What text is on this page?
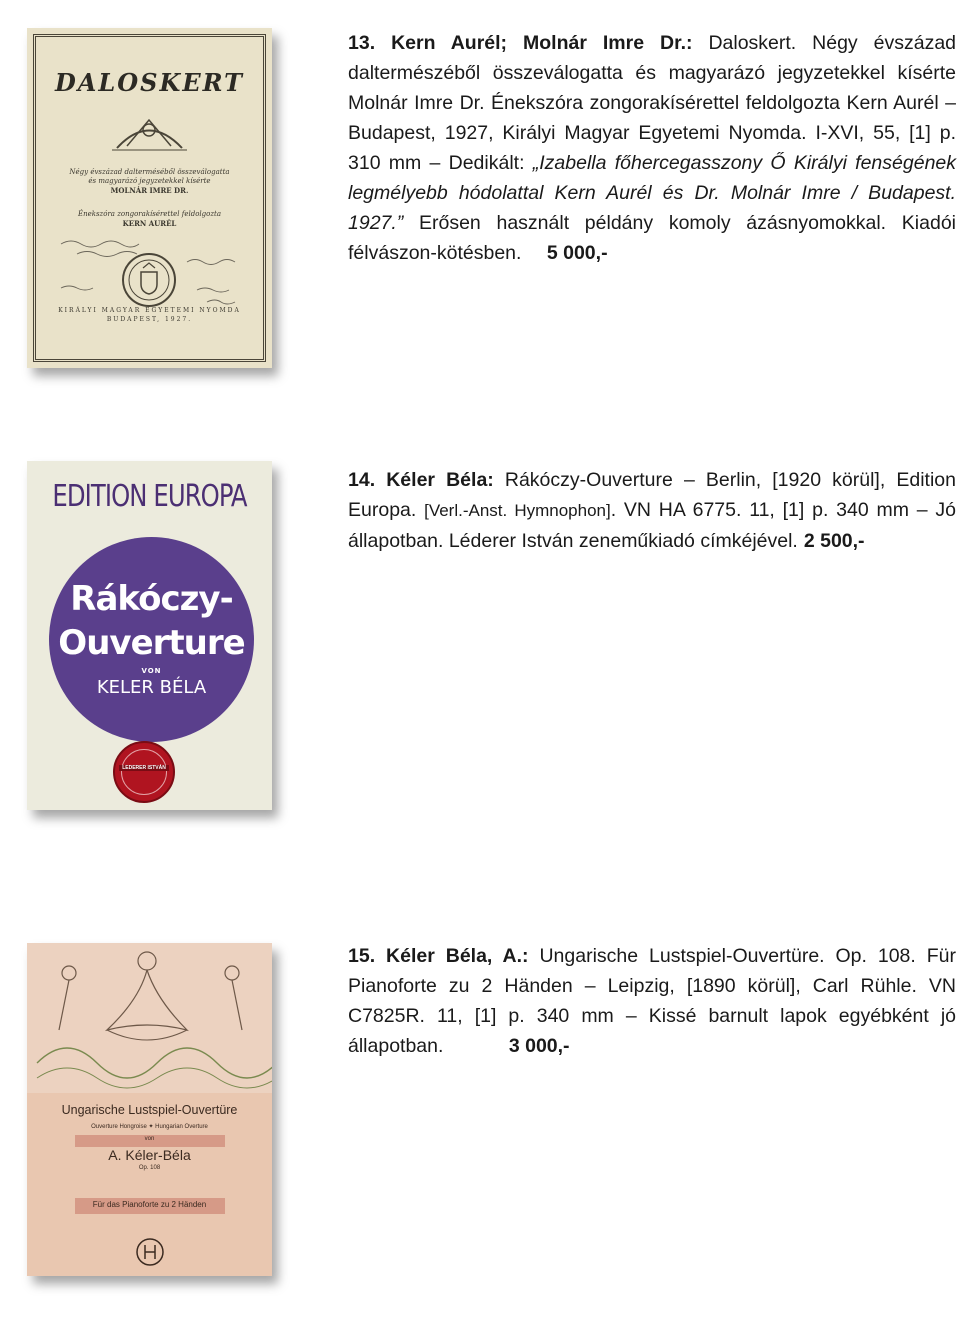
DALOSKERT
Négy évszázad dalterméséből összeválogatta
és magyarázó jegyzetekkel kísérte
MOLNÁR IMRE DR.
Énekszóra zongorakísérettel feldolgozta
KERN AURÉL
KIRÁLYI MAGYAR EGYETEMI NYOMDA
BUDAPEST, 1927.
13. Kern Aurél; Molnár Imre Dr.: Daloskert. Négy évszázad daltermészéből összeválogatta és magyarázó jegyzetekkel kísérte Molnár Imre Dr. Énekszóra zongorakísérettel feldolgozta Kern Aurél – Budapest, 1927, Királyi Magyar Egyetemi Nyomda. I-XVI, 55, [1] p. 310 mm – Dedikált: „Izabella főhercegasszony Ő Királyi fenségének legmélyebb hódolattal Kern Aurél és Dr. Molnár Imre / Budapest. 1927.” Erősen használt példány komoly ázásnyomokkal. Kiadói félvászon-kötésben. 5 000,-
EDITION EUROPA
Rákóczy-
Ouverture
VON
KELER BÉLA
LEDERER ISTVÁN
14. Kéler Béla: Rákóczy-Ouverture – Berlin, [1920 körül], Edition Europa. [Verl.-Anst. Hymnophon]. VN HA 6775. 11, [1] p. 340 mm – Jó állapotban. Léderer István zeneműkiadó címkéjével. 2 500,-
Ungarische Lustspiel-Ouvertüre
Ouverture Hongroise ✦ Hungarian Overture
von
A. Kéler-Béla
Op. 108
Für das Pianoforte zu 2 Händen
15. Kéler Béla, A.: Ungarische Lustspiel-Ouvertüre. Op. 108. Für Pianoforte zu 2 Händen – Leipzig, [1890 körül], Carl Rühle. VN C7825R. 11, [1] p. 340 mm – Kissé barnult lapok egyébként jó állapotban.	3 000,-
